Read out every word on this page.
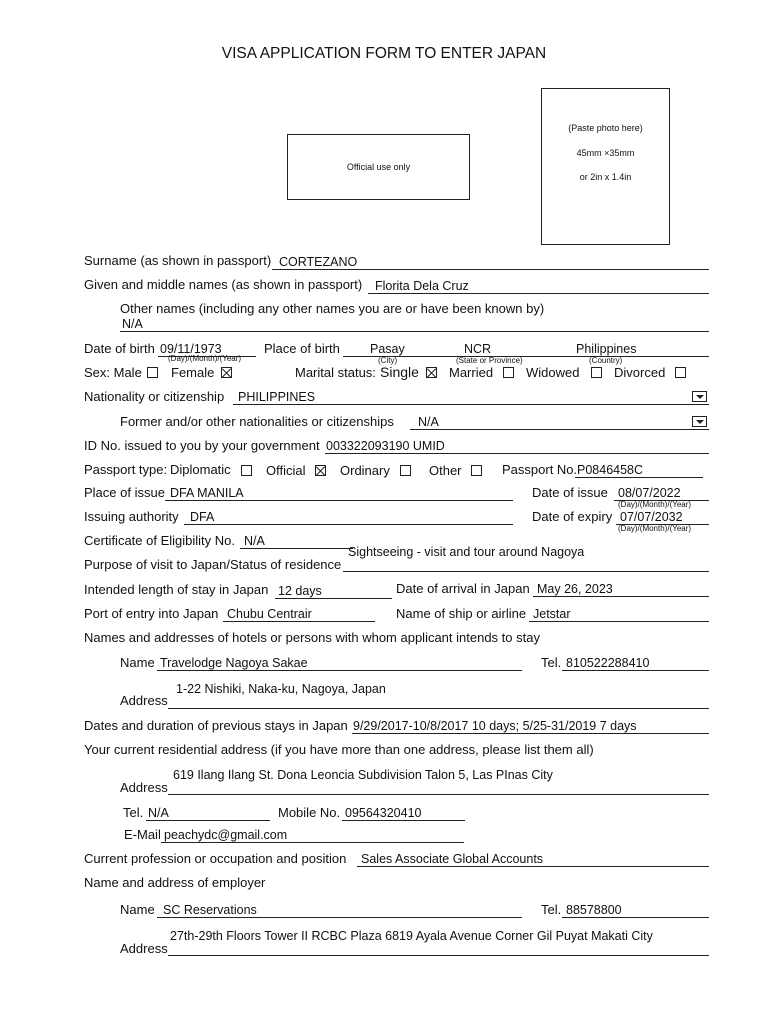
VISA APPLICATION FORM TO ENTER JAPAN
Official use only
(Paste photo here)
45mm ×35mm
or 2in x 1.4in
Surname (as shown in passport) CORTEZANO
Given and middle names (as shown in passport) Florita Dela Cruz
Other names (including any other names you are or have been known by)
N/A
Date of birth 09/11/1973
(Day)/(Month)/(Year)
Place of birth Pasay	NCR	Philippines
(City)	(State or Province)	(Country)
Sex: Male Female	Marital status: Single Married	Widowed	Divorced
Nationality or citizenship PHILIPPINES
Former and/or other nationalities or citizenships N/A
ID No. issued to you by your government 003322093190 UMID
Passport type: Diplomatic	Official	Ordinary	Other	Passport No. P0846458C
Place of issue DFA MANILA	Date of issue 08/07/2022
(Day)/(Month)/(Year)
Issuing authority DFA	Date of expiry 07/07/2032
(Day)/(Month)/(Year)
Certificate of Eligibility No. N/A
Sightseeing - visit and tour around Nagoya
Purpose of visit to Japan/Status of residence
Intended length of stay in Japan 12 days	Date of arrival in Japan May 26, 2023
Port of entry into Japan Chubu Centrair	Name of ship or airline Jetstar
Names and addresses of hotels or persons with whom applicant intends to stay
Name Travelodge Nagoya Sakae	Tel. 810522288410
1-22 Nishiki, Naka-ku, Nagoya, Japan
Address
Dates and duration of previous stays in Japan 9/29/2017-10/8/2017 10 days; 5/25-31/2019 7 days
Your current residential address (if you have more than one address, please list them all)
619 Ilang Ilang St. Dona Leoncia Subdivision Talon 5, Las PInas City
Address
Tel. N/A	Mobile No. 09564320410
E-Mail peachydc@gmail.com
Current profession or occupation and position Sales Associate Global Accounts
Name and address of employer
Name SC Reservations	Tel. 88578800
27th-29th Floors Tower II RCBC Plaza 6819 Ayala Avenue Corner Gil Puyat Makati City
Address
